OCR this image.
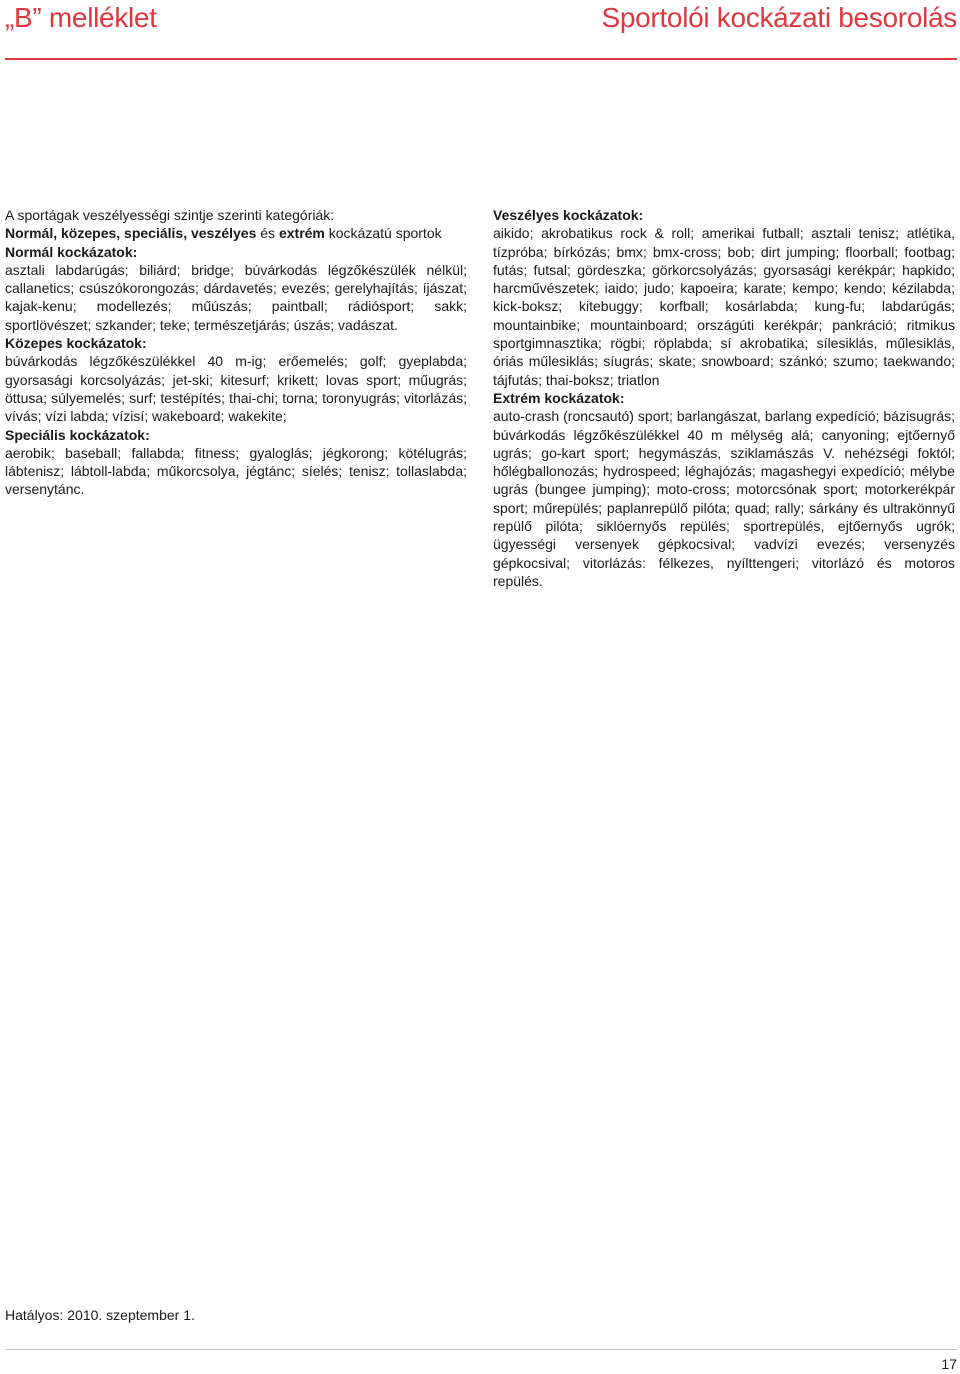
„B” melléklet	Sportolói kockázati besorolás

A sportágak veszélyességi szintje szerinti kategóriák:
Normál, közepes, speciális, veszélyes és extrém kockázatú sportok

Normál kockázatok:
asztali labdarúgás; biliárd; bridge; búvárkodás légzőkészülék nélkül; callanetics; csúszókorongozás; dárdavetés; evezés; gerelyhajítás; íjászat; kajak-kenu; modellezés; műúszás; paintball; rádiósport; sakk; sportlövészet; szkander; teke; természetjárás; úszás; vadászat.

Közepes kockázatok:
búvárkodás légzőkészülékkel 40 m-ig; erőemelés; golf; gyeplabda; gyorsasági korcsolyázás; jet-ski; kitesurf; krikett; lovas sport; műugrás; öttusa; súlyemelés; surf; testépítés; thai-chi; torna; toronyugrás; vitorlázás; vívás; vízi labda; vízisí; wakeboard; wakekite;

Speciális kockázatok:
aerobik; baseball; fallabda; fitness; gyaloglás; jégkorong; kötélugrás; lábtenisz; lábtoll-labda; műkorcsolya, jégtánc; síelés; tenisz; tollaslabda; versenytánc.

Veszélyes kockázatok:
aikido; akrobatikus rock & roll; amerikai futball; asztali tenisz; atlétika, tízpróba; bírkózás; bmx; bmx-cross; bob; dirt jumping; floorball; footbag; futás; futsal; gördeszka; görkorcsolyázás; gyorsasági kerékpár; hapkido; harcművészetek; iaido; judo; kapoeira; karate; kempo; kendo; kézilabda; kick-boksz; kitebuggy; korfball; kosárlabda; kung-fu; labdarúgás; mountainbike; mountainboard; országúti kerékpár; pankráció; ritmikus sportgimnasztika; rögbi; röplabda; sí akrobatika; sílesiklás, műlesiklás, óriás műlesiklás; síugrás; skate; snowboard; szánkó; szumo; taekwando; tájfutás; thai-boksz; triatlon

Extrém kockázatok:
auto-crash (roncsautó) sport; barlangászat, barlang expedíció; bázisugrás; búvárkodás légzőkészülékkel 40 m mélység alá; canyoning; ejtőernyő ugrás; go-kart sport; hegymászás, sziklamászás V. nehézségi foktól; hőlégballonozás; hydrospeed; léghajózás; magashegyi expedíció; mélybe ugrás (bungee jumping); moto-cross; motorcsónak sport; motorkerékpár sport; műrepülés; paplanrepülő pilóta; quad; rally; sárkány és ultrakönnyű repülő pilóta; siklóernyős repülés; sportrepülés, ejtőernyős ugrók; ügyességi versenyek gépkocsival; vadvízi evezés; versenyzés gépkocsival; vitorlázás: félkezes, nyílttengeri; vitorlázó és motoros repülés.

Hatályos: 2010. szeptember 1.
17
